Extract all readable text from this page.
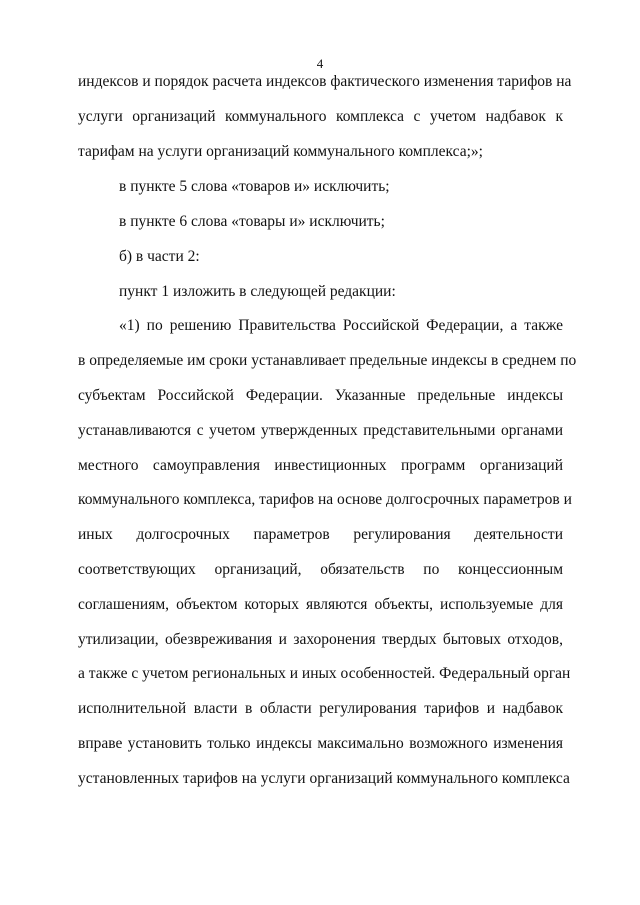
4
индексов и порядок расчета индексов фактического изменения тарифов на
услуги организаций коммунального комплекса с учетом надбавок к
тарифам на услуги организаций коммунального комплекса;»;
в пункте 5 слова «товаров и» исключить;
в пункте 6 слова «товары и» исключить;
б) в части 2:
пункт 1 изложить в следующей редакции:
«1) по решению Правительства Российской Федерации, а также
в определяемые им сроки устанавливает предельные индексы в среднем по
субъектам Российской Федерации. Указанные предельные индексы
устанавливаются с учетом утвержденных представительными органами
местного самоуправления инвестиционных программ организаций
коммунального комплекса, тарифов на основе долгосрочных параметров и
иных долгосрочных параметров регулирования деятельности
соответствующих организаций, обязательств по концессионным
соглашениям, объектом которых являются объекты, используемые для
утилизации, обезвреживания и захоронения твердых бытовых отходов,
а также с учетом региональных и иных особенностей. Федеральный орган
исполнительной власти в области регулирования тарифов и надбавок
вправе установить только индексы максимально возможного изменения
установленных тарифов на услуги организаций коммунального комплекса
